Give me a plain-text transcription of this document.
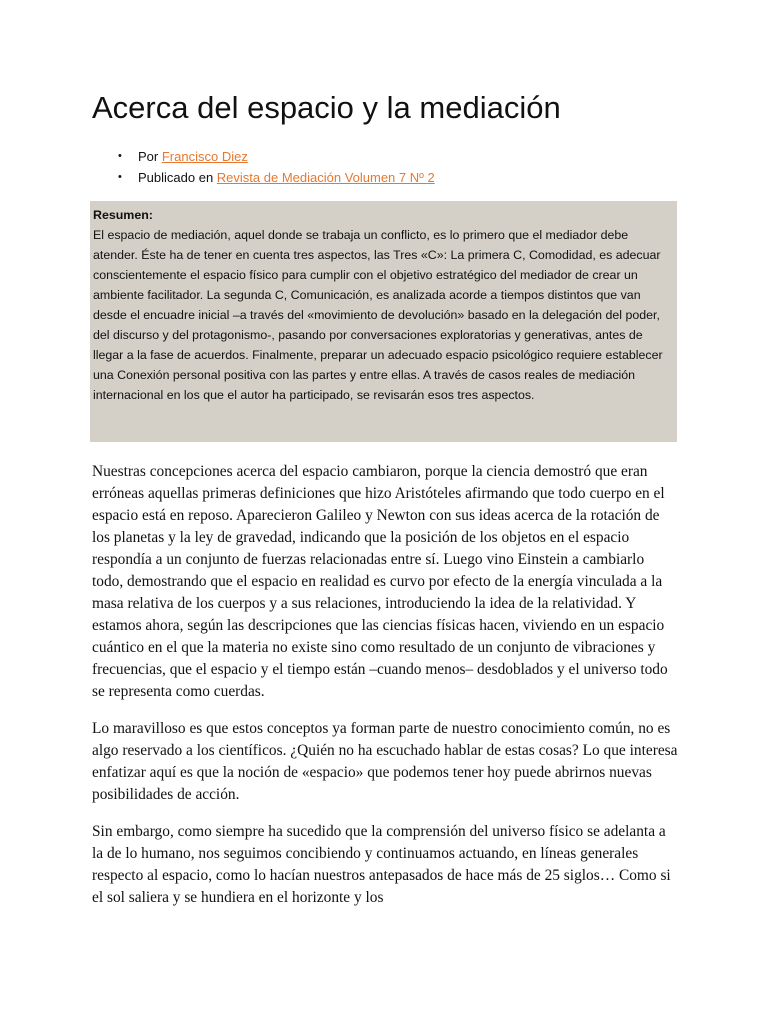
Acerca del espacio y la mediación
• Por Francisco Diez
• Publicado en Revista de Mediación Volumen 7 Nº 2
Resumen:
El espacio de mediación, aquel donde se trabaja un conflicto, es lo primero que el mediador debe atender. Éste ha de tener en cuenta tres aspectos, las Tres «C»: La primera C, Comodidad, es adecuar conscientemente el espacio físico para cumplir con el objetivo estratégico del mediador de crear un ambiente facilitador. La segunda C, Comunicación, es analizada acorde a tiempos distintos que van desde el encuadre inicial –a través del «movimiento de devolución» basado en la delegación del poder, del discurso y del protagonismo-, pasando por conversaciones exploratorias y generativas, antes de llegar a la fase de acuerdos. Finalmente, preparar un adecuado espacio psicológico requiere establecer una Conexión personal positiva con las partes y entre ellas. A través de casos reales de mediación internacional en los que el autor ha participado, se revisarán esos tres aspectos.

Nuestras concepciones acerca del espacio cambiaron, porque la ciencia demostró que eran erróneas aquellas primeras definiciones que hizo Aristóteles afirmando que todo cuerpo en el espacio está en reposo. Aparecieron Galileo y Newton con sus ideas acerca de la rotación de los planetas y la ley de gravedad, indicando que la posición de los objetos en el espacio respondía a un conjunto de fuerzas relacionadas entre sí. Luego vino Einstein a cambiarlo todo, demostrando que el espacio en realidad es curvo por efecto de la energía vinculada a la masa relativa de los cuerpos y a sus relaciones, introduciendo la idea de la relatividad. Y estamos ahora, según las descripciones que las ciencias físicas hacen, viviendo en un espacio cuántico en el que la materia no existe sino como resultado de un conjunto de vibraciones y frecuencias, que el espacio y el tiempo están –cuando menos– desdoblados y el universo todo se representa como cuerdas.

Lo maravilloso es que estos conceptos ya forman parte de nuestro conocimiento común, no es algo reservado a los científicos. ¿Quién no ha escuchado hablar de estas cosas? Lo que interesa enfatizar aquí es que la noción de «espacio» que podemos tener hoy puede abrirnos nuevas posibilidades de acción.

Sin embargo, como siempre ha sucedido que la comprensión del universo físico se adelanta a la de lo humano, nos seguimos concibiendo y continuamos actuando, en líneas generales respecto al espacio, como lo hacían nuestros antepasados de hace más de 25 siglos… Como si el sol saliera y se hundiera en el horizonte y los
